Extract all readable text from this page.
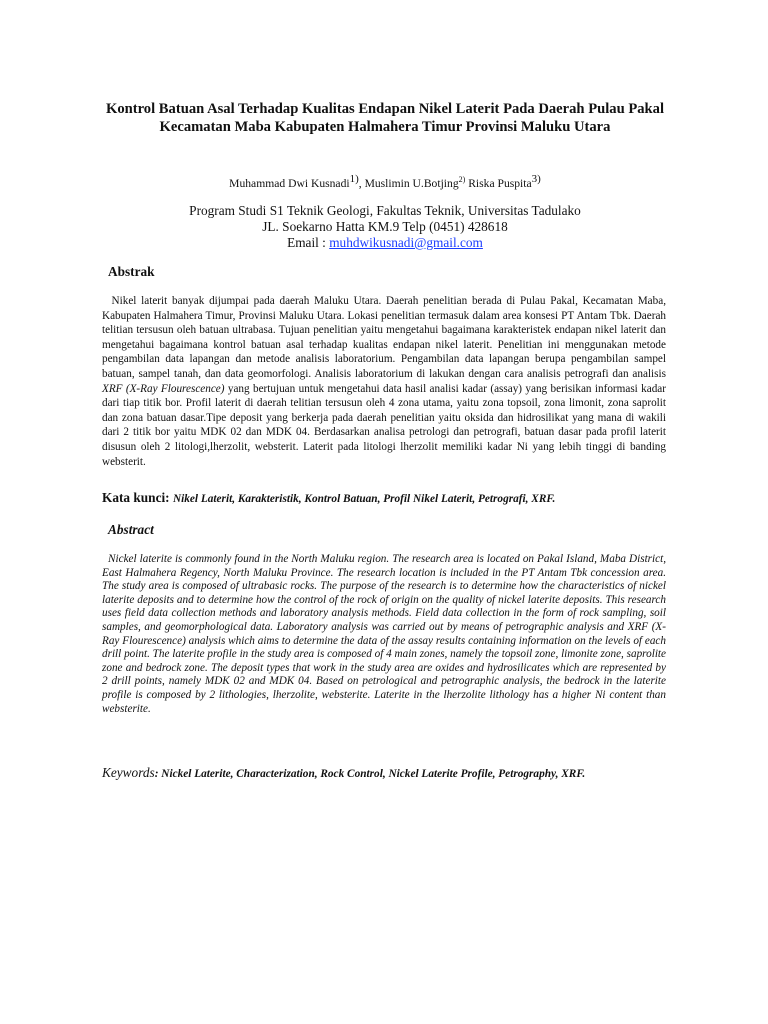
Kontrol Batuan Asal Terhadap Kualitas Endapan Nikel Laterit Pada Daerah Pulau Pakal Kecamatan Maba Kabupaten Halmahera Timur Provinsi Maluku Utara
Muhammad Dwi Kusnadi1), Muslimin U.Botjing$^{2)}$ Riska Puspita3)
Program Studi S1 Teknik Geologi, Fakultas Teknik, Universitas Tadulako
JL. Soekarno Hatta KM.9 Telp (0451) 428618
Email : muhdwikusnadi@gmail.com
Abstrak
Nikel laterit banyak dijumpai pada daerah Maluku Utara. Daerah penelitian berada di Pulau Pakal, Kecamatan Maba, Kabupaten Halmahera Timur, Provinsi Maluku Utara. Lokasi penelitian termasuk dalam area konsesi PT Antam Tbk. Daerah telitian tersusun oleh batuan ultrabasa. Tujuan penelitian yaitu mengetahui bagaimana karakteristek endapan nikel laterit dan mengetahui bagaimana kontrol batuan asal terhadap kualitas endapan nikel laterit. Penelitian ini menggunakan metode pengambilan data lapangan dan metode analisis laboratorium. Pengambilan data lapangan berupa pengambilan sampel batuan, sampel tanah, dan data geomorfologi. Analisis laboratorium di lakukan dengan cara analisis petrografi dan analisis XRF (X-Ray Flourescence) yang bertujuan untuk mengetahui data hasil analisi kadar (assay) yang berisikan informasi kadar dari tiap titik bor. Profil laterit di daerah telitian tersusun oleh 4 zona utama, yaitu zona topsoil, zona limonit, zona saprolit dan zona batuan dasar.Tipe deposit yang berkerja pada daerah penelitian yaitu oksida dan hidrosilikat yang mana di wakili dari 2 titik bor yaitu MDK 02 dan MDK 04. Berdasarkan analisa petrologi dan petrografi, batuan dasar pada profil laterit disusun oleh 2 litologi,lherzolit, websterit. Laterit pada litologi lherzolit memiliki kadar Ni yang lebih tinggi di banding websterit.
Kata kunci: Nikel Laterit, Karakteristik, Kontrol Batuan, Profil Nikel Laterit, Petrografi, XRF.
Abstract
Nickel laterite is commonly found in the North Maluku region. The research area is located on Pakal Island, Maba District, East Halmahera Regency, North Maluku Province. The research location is included in the PT Antam Tbk concession area. The study area is composed of ultrabasic rocks. The purpose of the research is to determine how the characteristics of nickel laterite deposits and to determine how the control of the rock of origin on the quality of nickel laterite deposits. This research uses field data collection methods and laboratory analysis methods. Field data collection in the form of rock sampling, soil samples, and geomorphological data. Laboratory analysis was carried out by means of petrographic analysis and XRF (X-Ray Flourescence) analysis which aims to determine the data of the assay results containing information on the levels of each drill point. The laterite profile in the study area is composed of 4 main zones, namely the topsoil zone, limonite zone, saprolite zone and bedrock zone. The deposit types that work in the study area are oxides and hydrosilicates which are represented by 2 drill points, namely MDK 02 and MDK 04. Based on petrological and petrographic analysis, the bedrock in the laterite profile is composed by 2 lithologies, lherzolite, websterite. Laterite in the lherzolite lithology has a higher Ni content than websterite.
Keywords: Nickel Laterite, Characterization, Rock Control, Nickel Laterite Profile, Petrography, XRF.
